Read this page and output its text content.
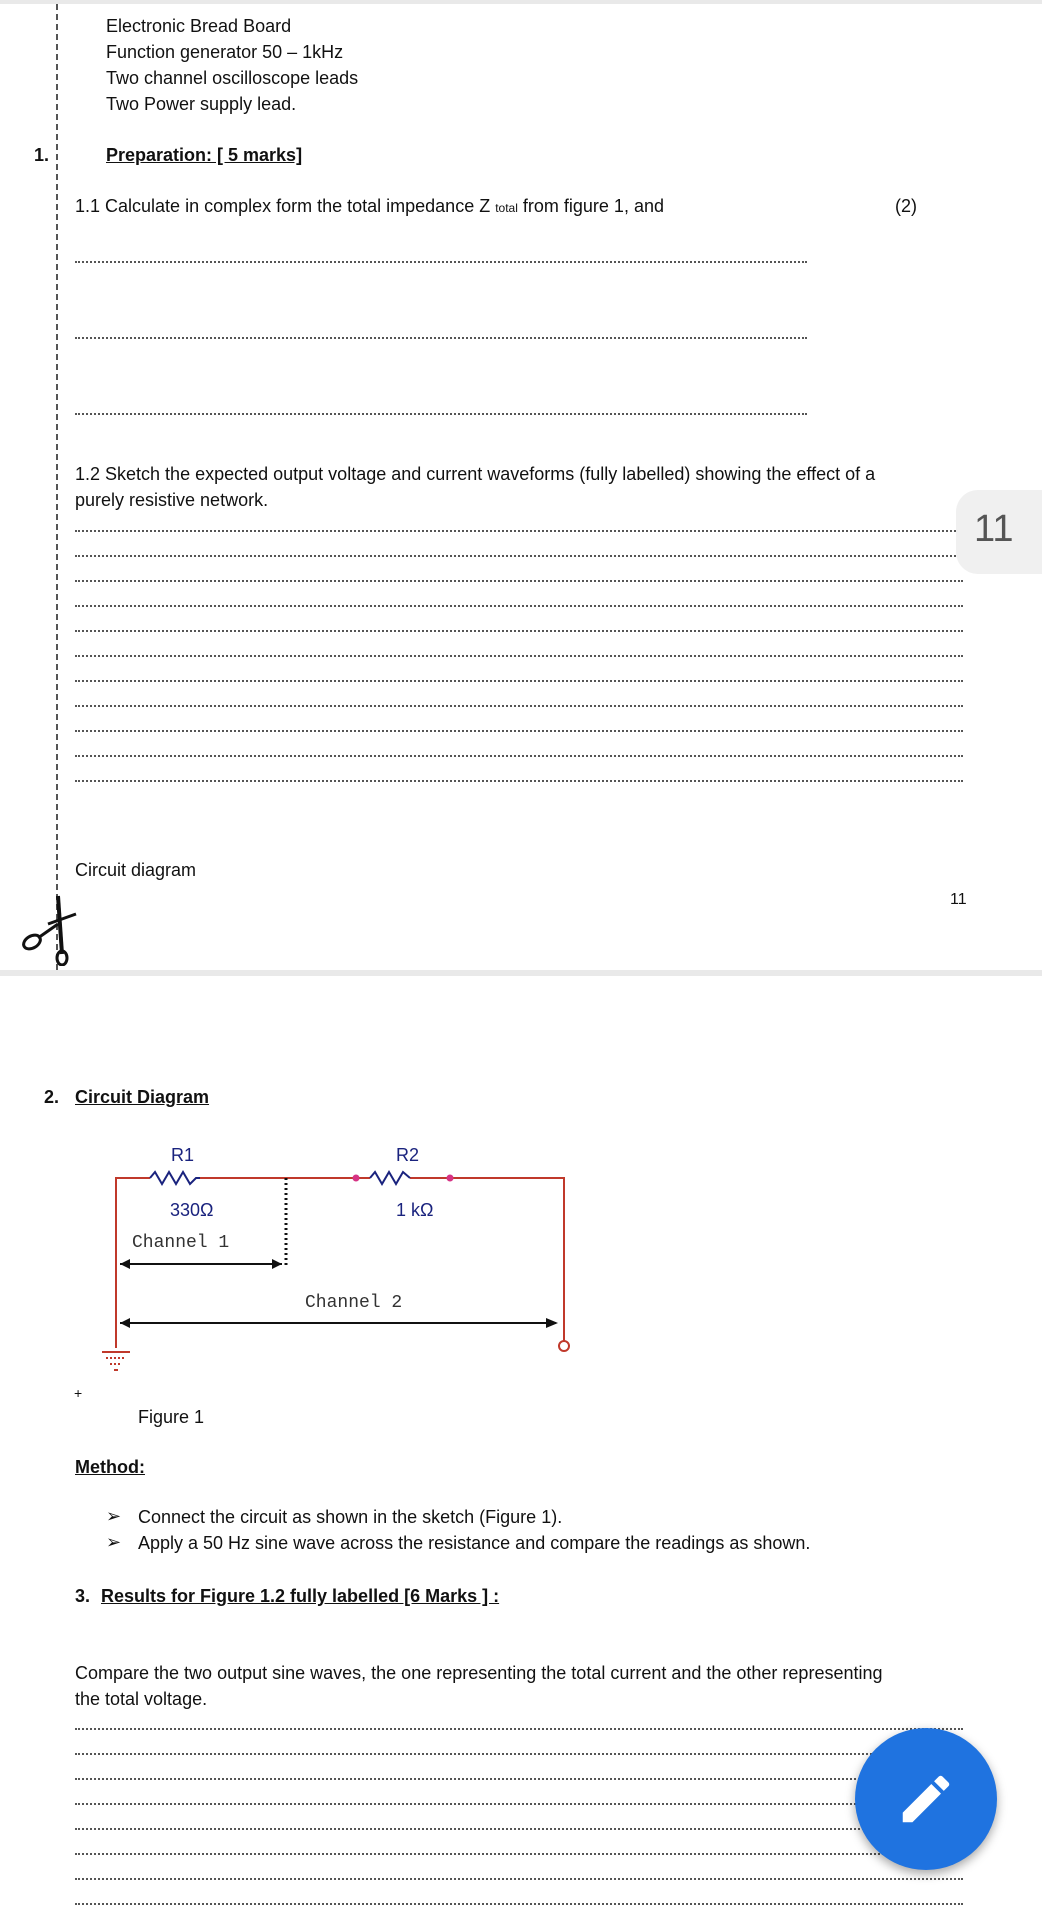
Electronic Bread Board
Function generator 50 – 1kHz
Two channel oscilloscope leads
Two Power supply lead.
1.	Preparation: [ 5 marks]
1.1 Calculate in complex form the total impedance Z total from figure 1, and	(2)
1.2 Sketch the expected output voltage and current waveforms (fully labelled) showing the effect of a
purely resistive network.
Circuit diagram
11
11
2. Circuit Diagram
R1
330Ω
R2
1 kΩ
Channel 1
Channel 2
+
Figure 1
Method:
➢ Connect the circuit as shown in the sketch (Figure 1).
➢ Apply a 50 Hz sine wave across the resistance and compare the readings as shown.
3. Results for Figure 1.2 fully labelled [6 Marks ] :
Compare the two output sine waves, the one representing the total current and the other representing
the total voltage.
